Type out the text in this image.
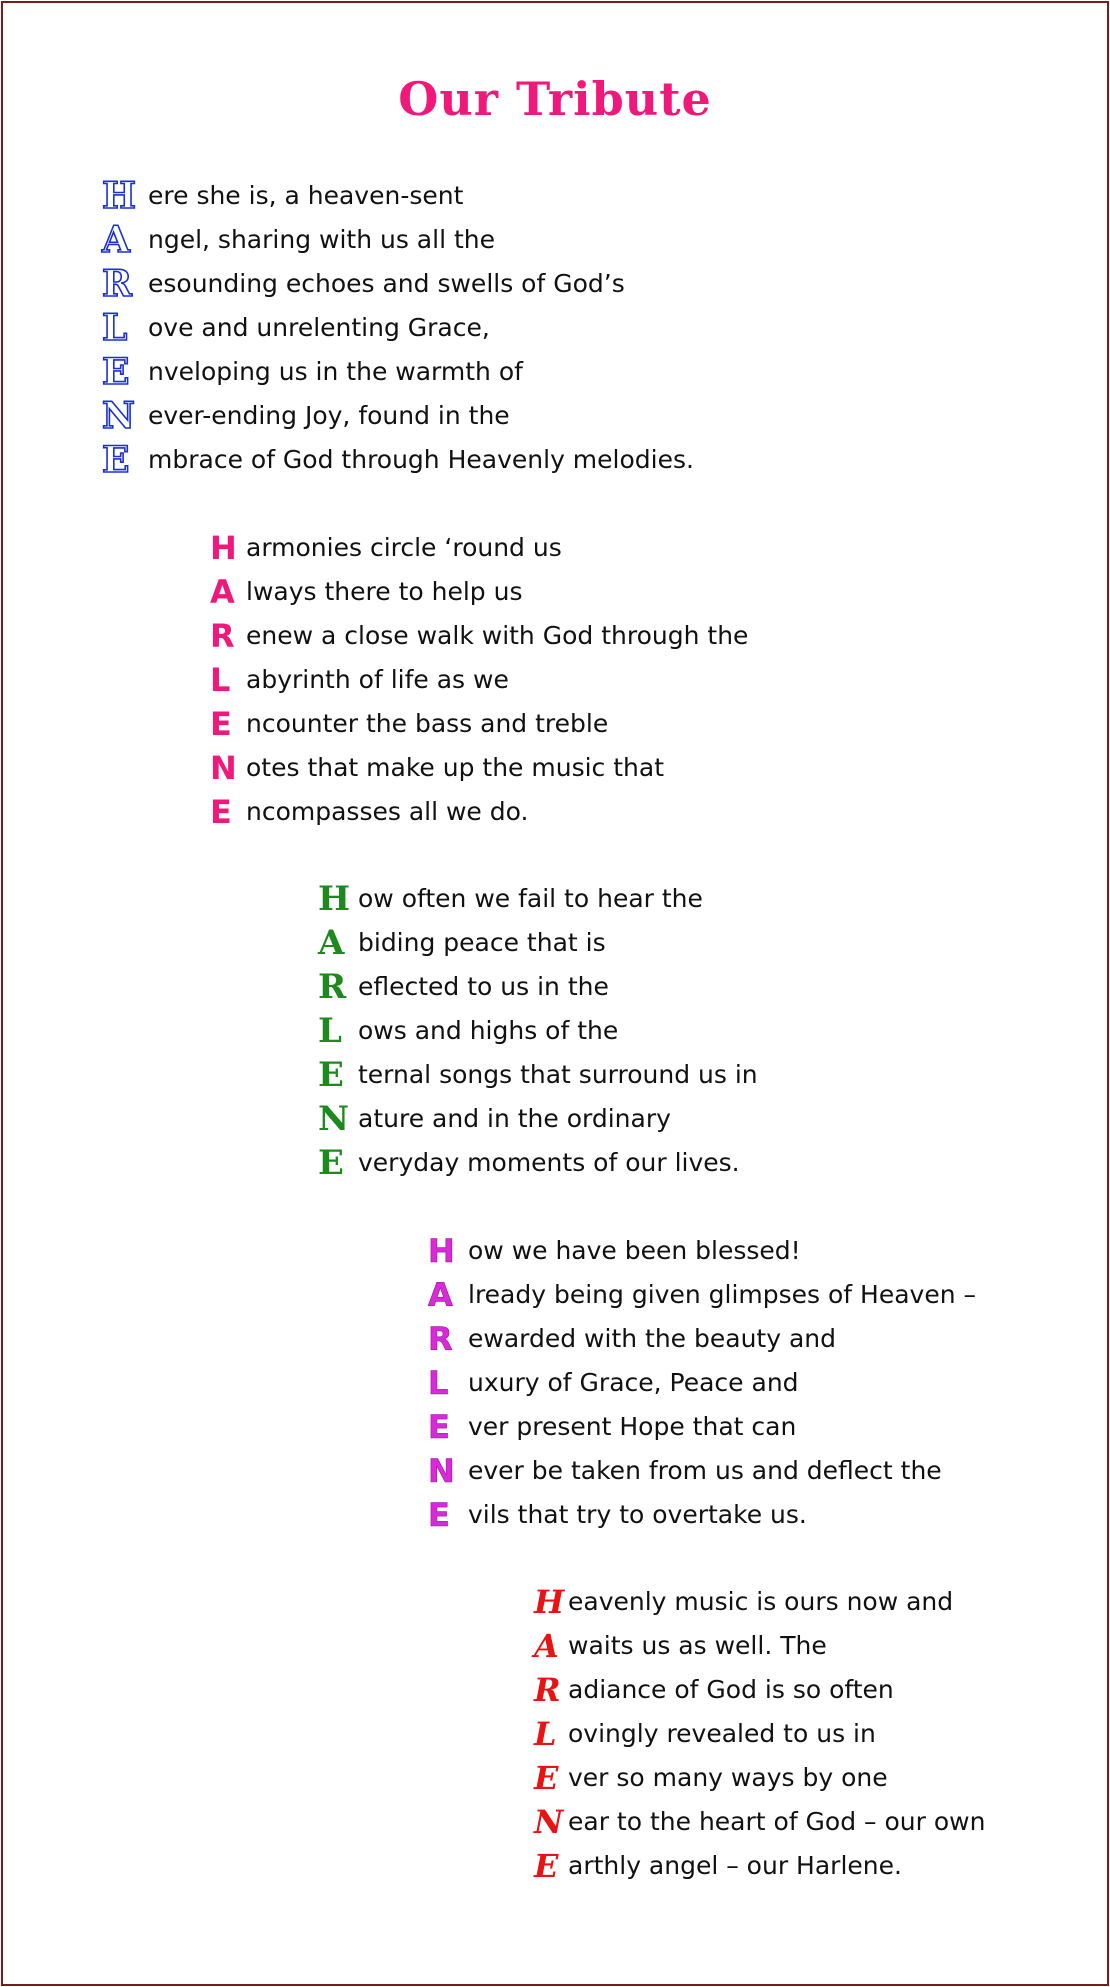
Our Tribute
H ere she is, a heaven-sent
A ngel, sharing with us all the
R esounding echoes and swells of God’s
L ove and unrelenting Grace,
E nveloping us in the warmth of
N ever-ending Joy, found in the
E mbrace of God through Heavenly melodies.
H armonies circle ‘round us
A lways there to help us
R enew a close walk with God through the
L abyrinth of life as we
E ncounter the bass and treble
N otes that make up the music that
E ncompasses all we do.
H ow often we fail to hear the
A biding peace that is
R eflected to us in the
L ows and highs of the
E ternal songs that surround us in
N ature and in the ordinary
E veryday moments of our lives.
H ow we have been blessed!
A lready being given glimpses of Heaven –
R ewarded with the beauty and
L uxury of Grace, Peace and
E ver present Hope that can
N ever be taken from us and deflect the
E vils that try to overtake us.
H eavenly music is ours now and
A waits us as well. The
R adiance of God is so often
L ovingly revealed to us in
E ver so many ways by one
N ear to the heart of God – our own
E arthly angel – our Harlene.
